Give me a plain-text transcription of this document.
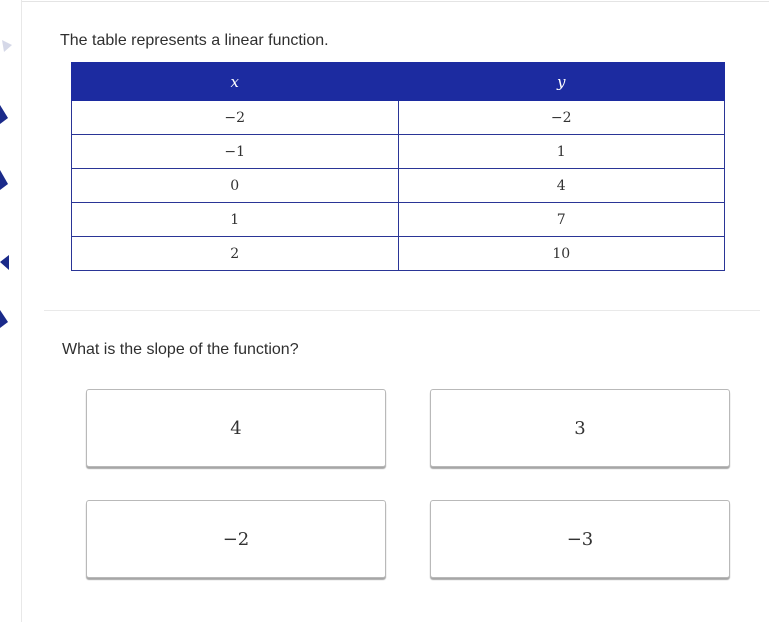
The table represents a linear function.
x	y
−2	−2
−1	1
0	4
1	7
2	10
What is the slope of the function?
4	3
−2	−3
